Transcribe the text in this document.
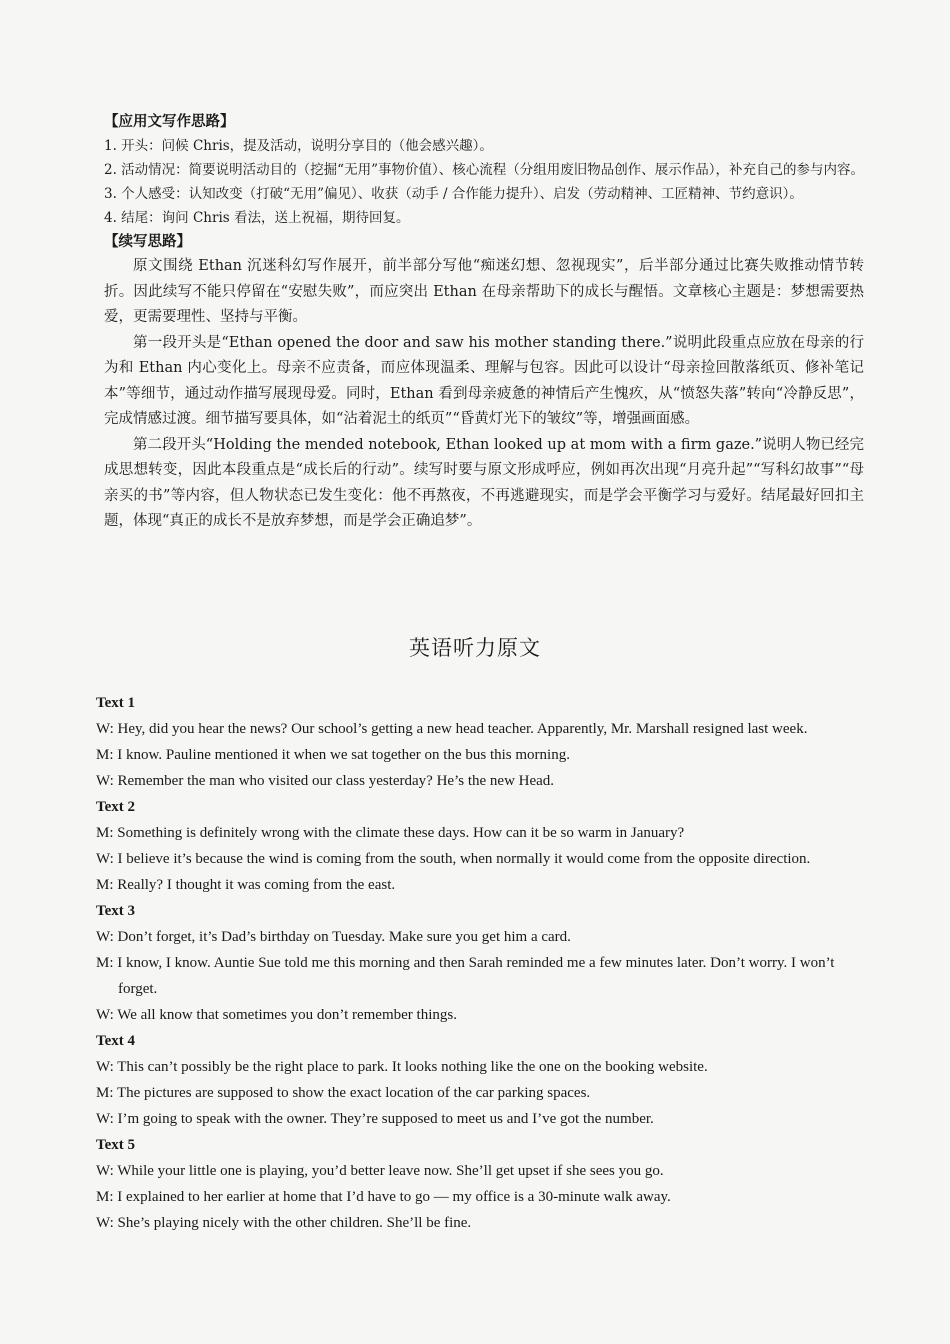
【应用文写作思路】

1. 开头：问候 Chris，提及活动，说明分享目的（他会感兴趣）。

2. 活动情况：简要说明活动目的（挖掘“无用”事物价值）、核心流程（分组用废旧物品创作、展示作品），补充自己的参与内容。

3. 个人感受：认知改变（打破“无用”偏见）、收获（动手 / 合作能力提升）、启发（劳动精神、工匠精神、节约意识）。

4. 结尾：询问 Chris 看法，送上祝福，期待回复。

【续写思路】

原文围绕 Ethan 沉迷科幻写作展开，前半部分写他“痴迷幻想、忽视现实”，后半部分通过比赛失败推动情节转折。因此续写不能只停留在“安慰失败”，而应突出 Ethan 在母亲帮助下的成长与醒悟。文章核心主题是：梦想需要热爱，更需要理性、坚持与平衡。

第一段开头是“Ethan opened the door and saw his mother standing there.”说明此段重点应放在母亲的行为和 Ethan 内心变化上。母亲不应责备，而应体现温柔、理解与包容。因此可以设计“母亲捡回散落纸页、修补笔记本”等细节，通过动作描写展现母爱。同时，Ethan 看到母亲疲惫的神情后产生愧疚，从“愤怒失落”转向“冷静反思”，完成情感过渡。细节描写要具体，如“沾着泥土的纸页”“昏黄灯光下的皱纹”等，增强画面感。

第二段开头“Holding the mended notebook, Ethan looked up at mom with a firm gaze.”说明人物已经完成思想转变，因此本段重点是“成长后的行动”。续写时要与原文形成呼应，例如再次出现“月亮升起”“写科幻故事”“母亲买的书”等内容，但人物状态已发生变化：他不再熬夜，不再逃避现实，而是学会平衡学习与爱好。结尾最好回扣主题，体现“真正的成长不是放弃梦想，而是学会正确追梦”。

英语听力原文
Text 1
W: Hey, did you hear the news? Our school’s getting a new head teacher. Apparently, Mr. Marshall resigned last week.
M: I know. Pauline mentioned it when we sat together on the bus this morning.
W: Remember the man who visited our class yesterday? He’s the new Head.
Text 2
M: Something is definitely wrong with the climate these days. How can it be so warm in January?
W: I believe it’s because the wind is coming from the south, when normally it would come from the opposite direction.
M: Really? I thought it was coming from the east.
Text 3
W: Don’t forget, it’s Dad’s birthday on Tuesday. Make sure you get him a card.
M: I know, I know. Auntie Sue told me this morning and then Sarah reminded me a few minutes later. Don’t worry. I won’t forget.
W: We all know that sometimes you don’t remember things.
Text 4
W: This can’t possibly be the right place to park. It looks nothing like the one on the booking website.
M: The pictures are supposed to show the exact location of the car parking spaces.
W: I’m going to speak with the owner. They’re supposed to meet us and I’ve got the number.
Text 5
W: While your little one is playing, you’d better leave now. She’ll get upset if she sees you go.
M: I explained to her earlier at home that I’d have to go — my office is a 30-minute walk away.
W: She’s playing nicely with the other children. She’ll be fine.
